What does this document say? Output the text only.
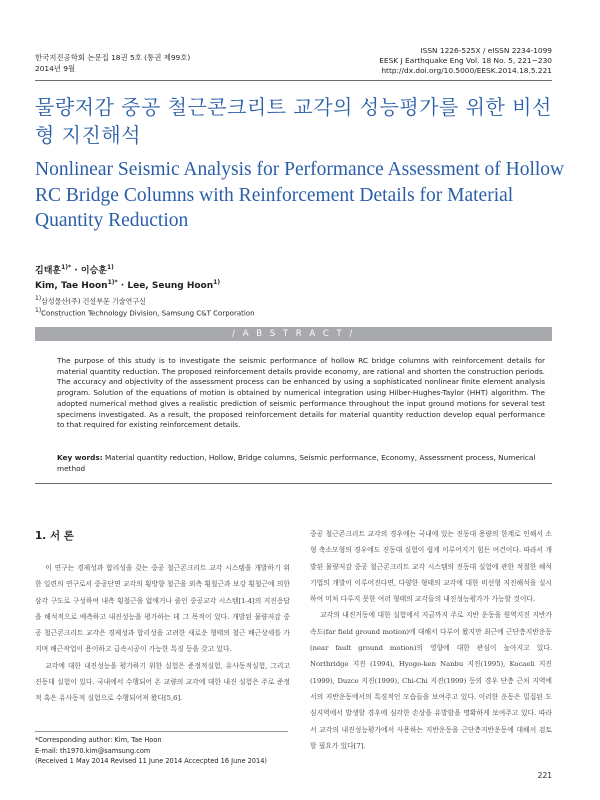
한국지진공학회 논문집 18권 5호 (통권 제99호)
2014년 9월
ISSN 1226-525X / eISSN 2234-1099
EESK J Earthquake Eng Vol. 18 No. 5, 221~230
http://dx.doi.org/10.5000/EESK.2014.18.5.221
물량저감 중공 철근콘크리트 교각의 성능평가를 위한 비선형 지진해석
Nonlinear Seismic Analysis for Performance Assessment of Hollow RC Bridge Columns with Reinforcement Details for Material Quantity Reduction
김태훈$^{1)*}$ · 이승훈$^{1)}$
Kim, Tae Hoon$^{1)*}$ · Lee, Seung Hoon$^{1)}$
$^{1)}$삼성물산(주) 건설부문 기술연구실
$^{1)}$Construction Technology Division, Samsung C&T Corporation
/ A B S T R A C T /
The purpose of this study is to investigate the seismic performance of hollow RC bridge columns with reinforcement details for material quantity reduction. The proposed reinforcement details provide economy, are rational and shorten the construction periods. The accuracy and objectivity of the assessment process can be enhanced by using a sophisticated nonlinear finite element analysis program. Solution of the equations of motion is obtained by numerical integration using Hilber-Hughes-Taylor (HHT) algorithm. The adopted numerical method gives a realistic prediction of seismic performance throughout the input ground motions for several test specimens investigated. As a result, the proposed reinforcement details for material quantity reduction develop equal performance to that required for existing reinforcement details.
Key words: Material quantity reduction, Hollow, Bridge columns, Seismic performance, Economy, Assessment process, Numerical method
1. 서 론

이 연구는 경제성과 합리성을 갖는 중공 철근콘크리트 교각 시스템을 개발하기 위한 일련의 연구로서 중공단면 교각의 횡방향 철근을 외측 횡철근과 보강 횡철근에 의한 삼각 구도로 구성하여 내측 횡철근을 없애거나 줄인 중공교각 시스템[1-4]의 지진응답을 해석적으로 예측하고 내진성능을 평가하는 데 그 목적이 있다. 개발된 물량저감 중공 철근콘크리트 교각은 경제성과 합리성을 고려한 새로운 형태의 철근 배근상세를 가지며 배근작업이 용이하고 급속시공이 가능한 특징 등을 갖고 있다.

교각에 대한 내진성능을 평가하기 위한 실험은 준정적실험, 유사동적실험, 그리고 진동대 실험이 있다. 국내에서 수행되어 온 교량의 교각에 대한 내진 실험은 주로 준정적 혹은 유사동적 실험으로 수행되어져 왔다[5,6].

중공 철근콘크리트 교각의 경우에는 국내에 있는 진동대 용량의 한계로 인해서 소형 축소모형의 경우에도 진동대 실험이 쉽게 이루어지기 힘든 여건이다. 따라서 개발된 물량저감 중공 철근콘크리트 교각 시스템의 진동대 실험에 관한 적절한 해석기법의 개발이 이루어진다면, 다양한 형태의 교각에 대한 비선형 지진해석을 실시하여 미처 다루지 못한 여러 형태의 교각들의 내진성능평가가 가능할 것이다.

교각의 내진거동에 대한 실험에서 지금까지 주로 지반 운동을 원역지진 지반가속도(far field ground motion)에 대해서 다루어 왔지만 최근에 근단층지반운동(near fault ground motion)의 영향에 대한 관심이 높아지고 있다. Northridge 지진 (1994), Hyogo-ken Nanbu 지진(1995), Kocaeli 지진(1999), Duzce 지진(1999), Chi-Chi 지진(1999) 등의 경우 단층 근처 지역에서의 지반운동에서의 특징적인 모습들을 보여주고 있다. 이러한 운동은 밀집된 도심지역에서 발생할 경우에 심각한 손상을 유발함을 명확하게 보여주고 있다. 따라서 교각의 내진성능평가에서 사용하는 지반운동을 근단층지반운동에 대해서 검토할 필요가 있다[7].

*Corresponding author: Kim, Tae Hoon
E-mail: th1970.kim@samsung.com
(Received 1 May 2014 Revised 11 June 2014 Accecpted 16 June 2014)
221
